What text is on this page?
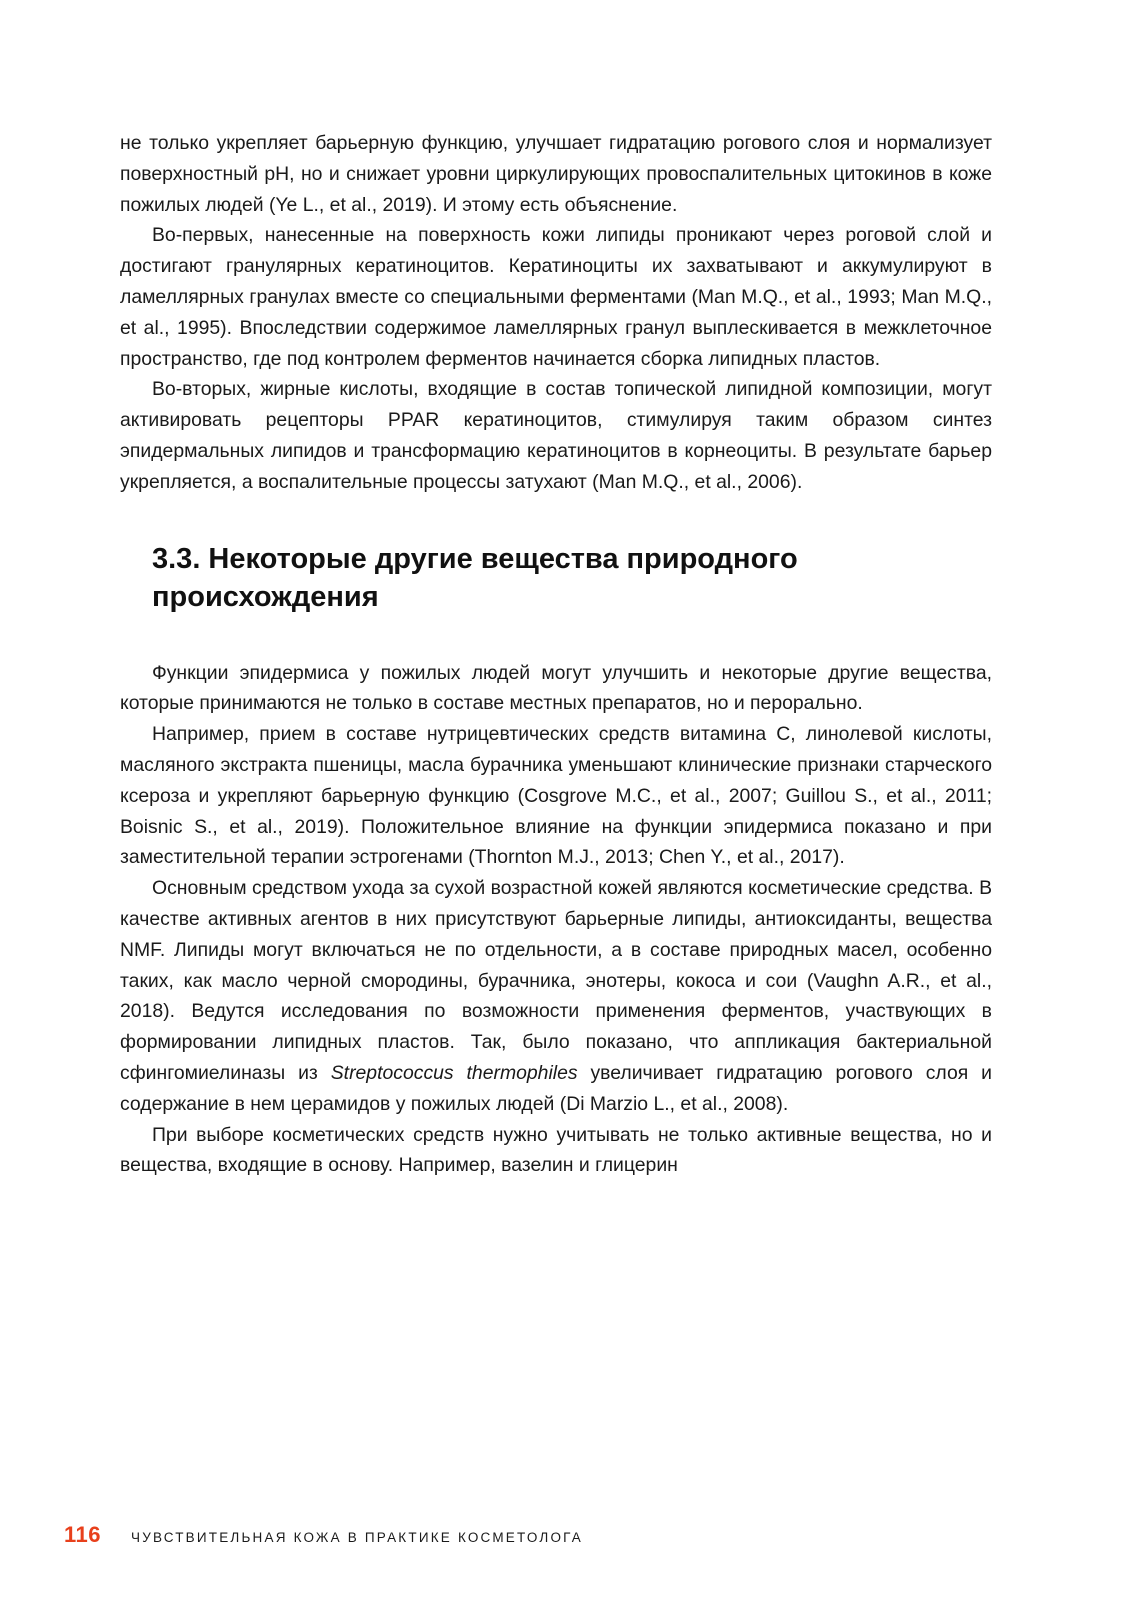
не только укрепляет барьерную функцию, улучшает гидратацию рогового слоя и нормализует поверхностный pH, но и снижает уровни циркулирующих провоспалительных цитокинов в коже пожилых людей (Ye L., et al., 2019). И этому есть объяснение.

Во-первых, нанесенные на поверхность кожи липиды проникают через роговой слой и достигают гранулярных кератиноцитов. Кератиноциты их захватывают и аккумулируют в ламеллярных гранулах вместе со специальными ферментами (Man M.Q., et al., 1993; Man M.Q., et al., 1995). Впоследствии содержимое ламеллярных гранул выплескивается в межклеточное пространство, где под контролем ферментов начинается сборка липидных пластов.

Во-вторых, жирные кислоты, входящие в состав топической липидной композиции, могут активировать рецепторы PPAR кератиноцитов, стимулируя таким образом синтез эпидермальных липидов и трансформацию кератиноцитов в корнеоциты. В результате барьер укрепляется, а воспалительные процессы затухают (Man M.Q., et al., 2006).

3.3. Некоторые другие вещества природного
происхождения

Функции эпидермиса у пожилых людей могут улучшить и некоторые другие вещества, которые принимаются не только в составе местных препаратов, но и перорально.

Например, прием в составе нутрицевтических средств витамина C, линолевой кислоты, масляного экстракта пшеницы, масла бурачника уменьшают клинические признаки старческого ксероза и укрепляют барьерную функцию (Cosgrove M.C., et al., 2007; Guillou S., et al., 2011; Boisnic S., et al., 2019). Положительное влияние на функции эпидермиса показано и при заместительной терапии эстрогенами (Thornton M.J., 2013; Chen Y., et al., 2017).

Основным средством ухода за сухой возрастной кожей являются косметические средства. В качестве активных агентов в них присутствуют барьерные липиды, антиоксиданты, вещества NMF. Липиды могут включаться не по отдельности, а в составе природных масел, особенно таких, как масло черной смородины, бурачника, энотеры, кокоса и сои (Vaughn A.R., et al., 2018). Ведутся исследования по возможности применения ферментов, участвующих в формировании липидных пластов. Так, было показано, что аппликация бактериальной сфингомиелиназы из Streptococcus thermophiles увеличивает гидратацию рогового слоя и содержание в нем церамидов у пожилых людей (Di Marzio L., et al., 2008).

При выборе косметических средств нужно учитывать не только активные вещества, но и вещества, входящие в основу. Например, вазелин и глицерин

116 ЧУВСТВИТЕЛЬНАЯ КОЖА В ПРАКТИКЕ КОСМЕТОЛОГА
